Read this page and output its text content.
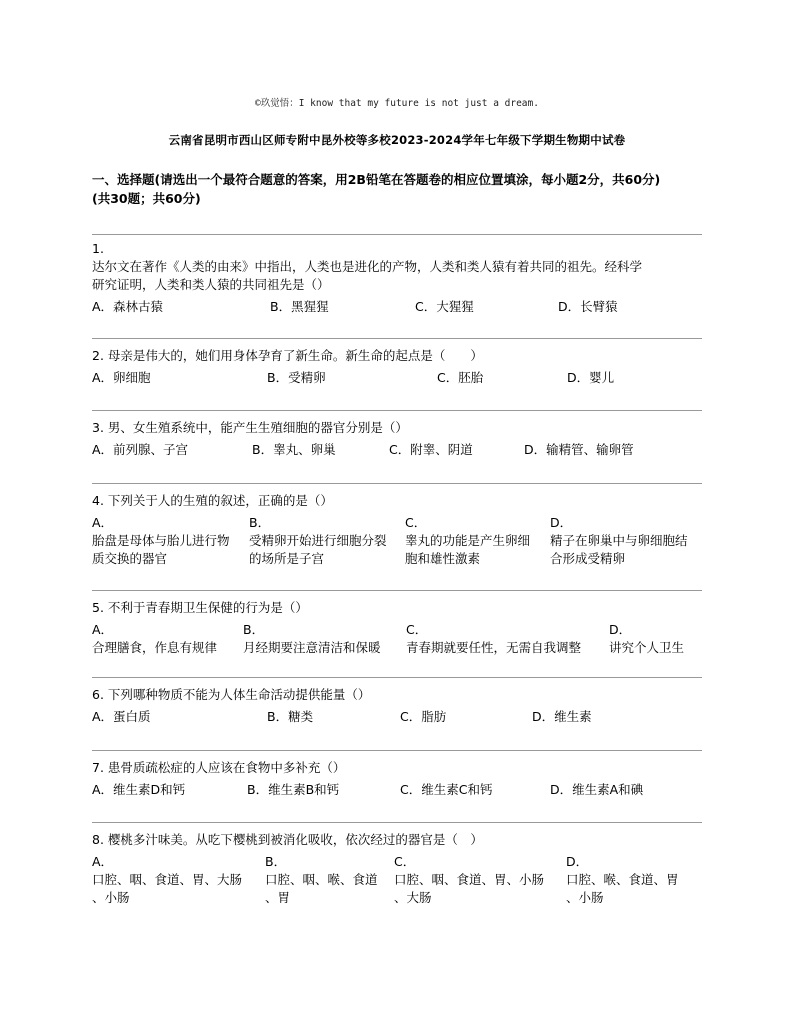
©玖觉悟：I know that my future is not just a dream.
云南省昆明市西山区师专附中昆外校等多校2023-2024学年七年级下学期生物期中试卷
一、选择题(请选出一个最符合题意的答案，用2B铅笔在答题卷的相应位置填涂，每小题2分，共60分)
(共30题；共60分)
1.
达尔文在著作《人类的由来》中指出，人类也是进化的产物，人类和类人猿有着共同的祖先。经科学
研究证明，人类和类人猿的共同祖先是（）
A．森林古猿	B．黑猩猩	C．大猩猩	D．长臂猿
2. 母亲是伟大的，她们用身体孕育了新生命。新生命的起点是（　　）
A．卵细胞	B．受精卵	C．胚胎	D．婴儿
3. 男、女生殖系统中，能产生生殖细胞的器官分别是（）
A．前列腺、子宫	B．睾丸、卵巢	C．附睾、阴道	D．输精管、输卵管
4. 下列关于人的生殖的叙述，正确的是（）
A．
胎盘是母体与胎儿进行物
质交换的器官
B．
受精卵开始进行细胞分裂
的场所是子宫
C．
睾丸的功能是产生卵细
胞和雄性激素
D．
精子在卵巢中与卵细胞结
合形成受精卵
5. 不利于青春期卫生保健的行为是（）
A．
合理膳食，作息有规律
B．
月经期要注意清洁和保暖
C．
青春期就要任性，无需自我调整
D．
讲究个人卫生
6. 下列哪种物质不能为人体生命活动提供能量（）
A．蛋白质	B．糖类	C．脂肪	D．维生素
7. 患骨质疏松症的人应该在食物中多补充（）
A．维生素D和钙	B．维生素B和钙	C．维生素C和钙	D．维生素A和碘
8. 樱桃多汁味美。从吃下樱桃到被消化吸收，依次经过的器官是（　）
A．
口腔、咽、食道、胃、大肠
、小肠
B．
口腔、咽、喉、食道
、胃
C．
口腔、咽、食道、胃、小肠
、大肠
D．
口腔、喉、食道、胃
、小肠
